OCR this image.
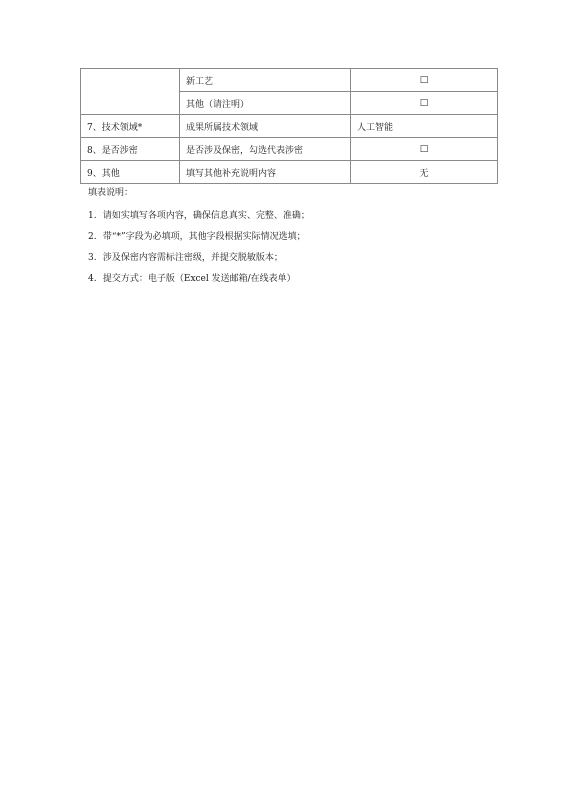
	新工艺	□
	其他（请注明）	□
7、技术领域*	成果所属技术领域	人工智能
8、是否涉密	是否涉及保密，勾选代表涉密	□
9、其他	填写其他补充说明内容	无
填表说明：
1. 请如实填写各项内容，确保信息真实、完整、准确；
2. 带“*”字段为必填项，其他字段根据实际情况选填；
3. 涉及保密内容需标注密级，并提交脱敏版本；
4. 提交方式：电子版（Excel 发送邮箱/在线表单）
